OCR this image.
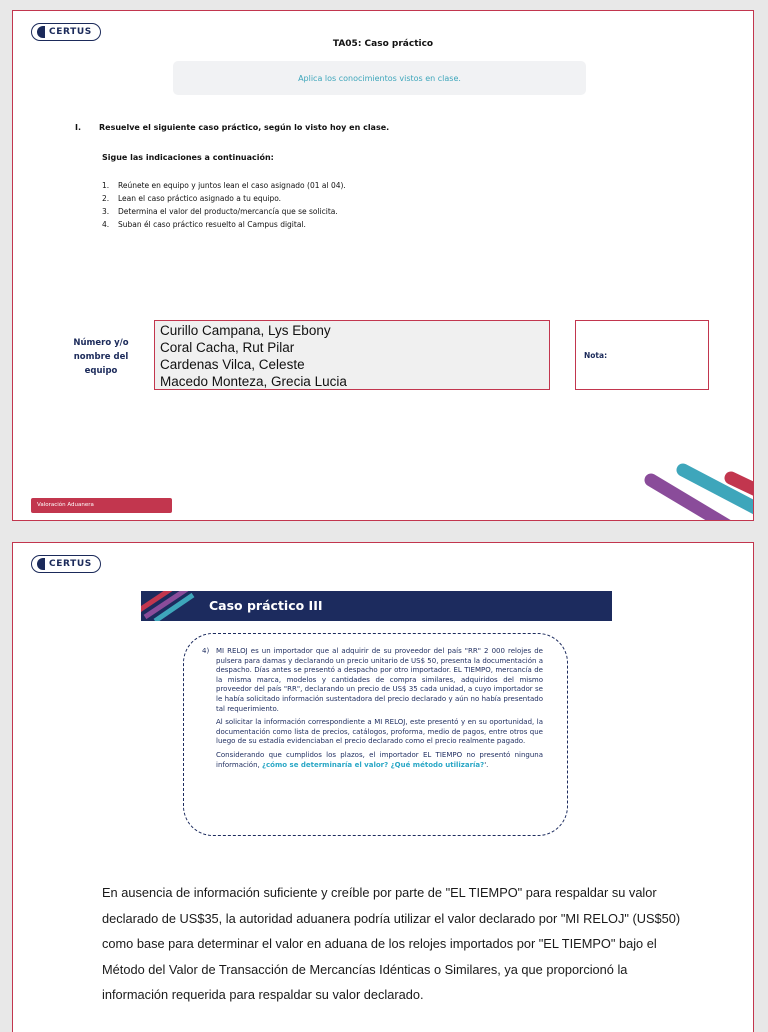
CERTUS
TA05: Caso práctico
Aplica los conocimientos vistos en clase.
I. Resuelve el siguiente caso práctico, según lo visto hoy en clase.
Sigue las indicaciones a continuación:
1. Reúnete en equipo y juntos lean el caso asignado (01 al 04).
2. Lean el caso práctico asignado a tu equipo.
3. Determina el valor del producto/mercancía que se solicita.
4. Suban él caso práctico resuelto al Campus digital.
Número y/o nombre del equipo
Curillo Campana, Lys Ebony
Coral Cacha, Rut Pilar
Cardenas Vilca, Celeste
Macedo Monteza, Grecia Lucia
Nota:
Valoración Aduanera
CERTUS
Caso práctico III
4) MI RELOJ es un importador que al adquirir de su proveedor del país "RR" 2 000 relojes de pulsera para damas y declarando un precio unitario de US$ 50, presenta la documentación a despacho. Días antes se presentó a despacho por otro importador. EL TIEMPO, mercancía de la misma marca, modelos y cantidades de compra similares, adquiridos del mismo proveedor del país "RR", declarando un precio de US$ 35 cada unidad, a cuyo importador se le había solicitado información sustentadora del precio declarado y aún no había presentado tal requerimiento.

Al solicitar la información correspondiente a MI RELOJ, este presentó y en su oportunidad, la documentación como lista de precios, catálogos, proforma, medio de pagos, entre otros que luego de su estadía evidenciaban el precio declarado como el precio realmente pagado.

Considerando que cumplidos los plazos, el importador EL TIEMPO no presentó ninguna información, ¿cómo se determinaría el valor? ¿Qué método utilizaría?'.

En ausencia de información suficiente y creíble por parte de "EL TIEMPO" para respaldar su valor declarado de US$35, la autoridad aduanera podría utilizar el valor declarado por "MI RELOJ" (US$50) como base para determinar el valor en aduana de los relojes importados por "EL TIEMPO" bajo el Método del Valor de Transacción de Mercancías Idénticas o Similares, ya que proporcionó la información requerida para respaldar su valor declarado.
